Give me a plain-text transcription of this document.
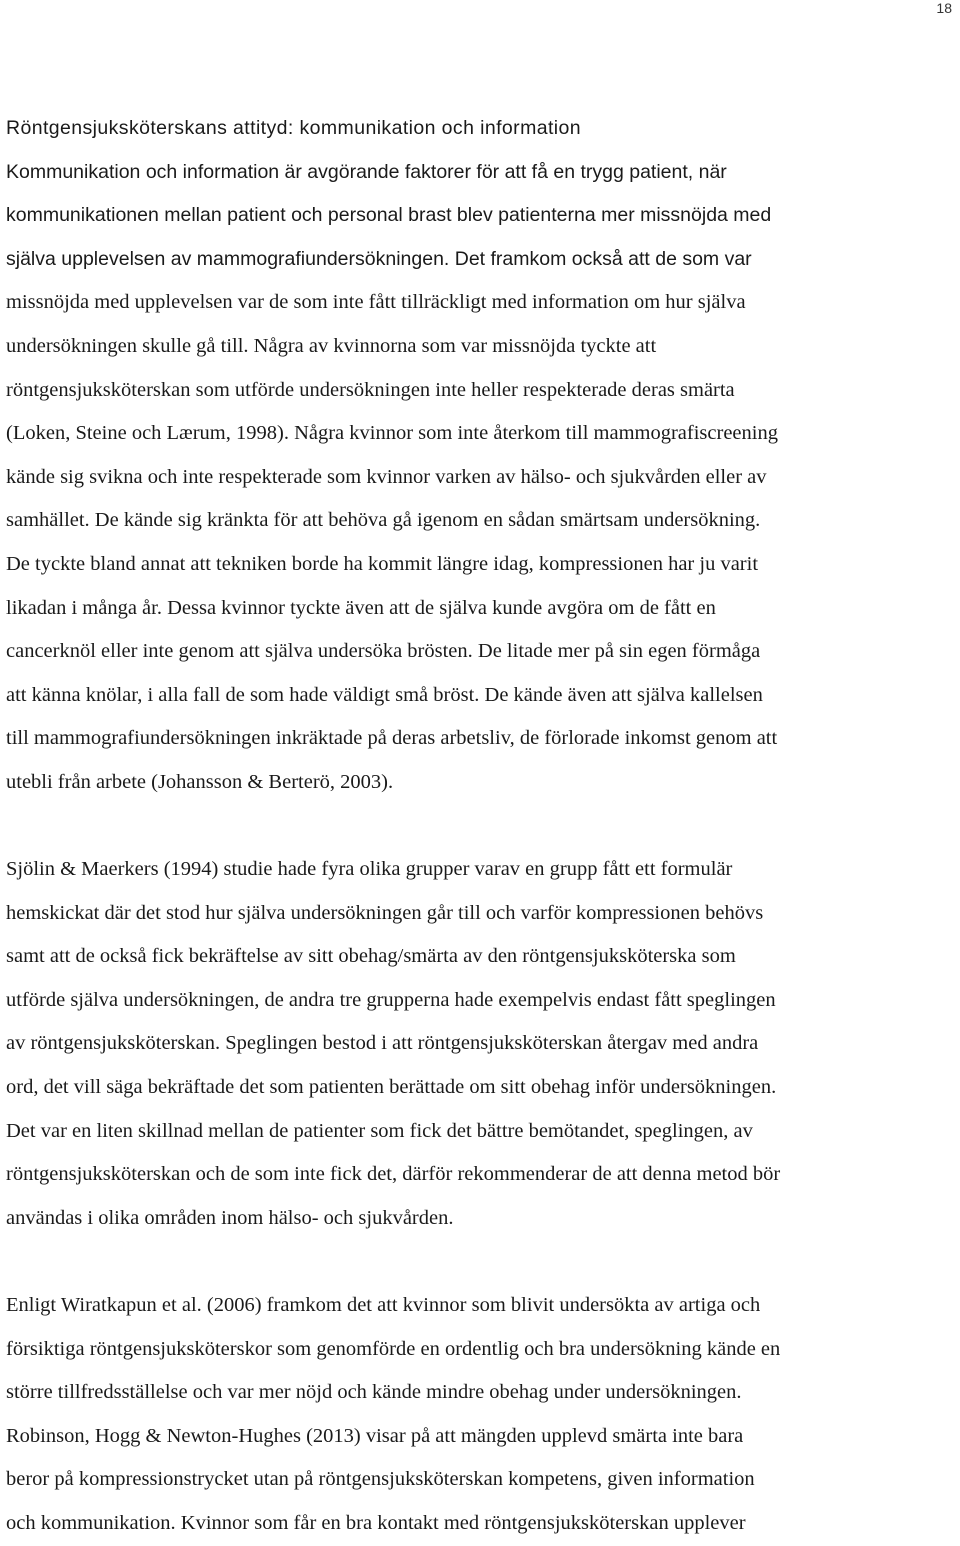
18
Röntgensjuksköterskans attityd: kommunikation och information
Kommunikation och information är avgörande faktorer för att få en trygg patient, när
kommunikationen mellan patient och personal brast blev patienterna mer missnöjda med
själva upplevelsen av mammografiundersökningen. Det framkom också att de som var
missnöjda med upplevelsen var de som inte fått tillräckligt med information om hur själva
undersökningen skulle gå till. Några av kvinnorna som var missnöjda tyckte att
röntgensjuksköterskan som utförde undersökningen inte heller respekterade deras smärta
(Loken, Steine och Lærum, 1998). Några kvinnor som inte återkom till mammografiscreening
kände sig svikna och inte respekterade som kvinnor varken av hälso- och sjukvården eller av
samhället. De kände sig kränkta för att behöva gå igenom en sådan smärtsam undersökning.
De tyckte bland annat att tekniken borde ha kommit längre idag, kompressionen har ju varit
likadan i många år. Dessa kvinnor tyckte även att de själva kunde avgöra om de fått en
cancerknöl eller inte genom att själva undersöka brösten. De litade mer på sin egen förmåga
att känna knölar, i alla fall de som hade väldigt små bröst. De kände även att själva kallelsen
till mammografiundersökningen inkräktade på deras arbetsliv, de förlorade inkomst genom att
utebli från arbete (Johansson & Berterö, 2003).
Sjölin & Maerkers (1994) studie hade fyra olika grupper varav en grupp fått ett formulär
hemskickat där det stod hur själva undersökningen går till och varför kompressionen behövs
samt att de också fick bekräftelse av sitt obehag/smärta av den röntgensjuksköterska som
utförde själva undersökningen, de andra tre grupperna hade exempelvis endast fått speglingen
av röntgensjuksköterskan. Speglingen bestod i att röntgensjuksköterskan återgav med andra
ord, det vill säga bekräftade det som patienten berättade om sitt obehag inför undersökningen.
Det var en liten skillnad mellan de patienter som fick det bättre bemötandet, speglingen, av
röntgensjuksköterskan och de som inte fick det, därför rekommenderar de att denna metod bör
användas i olika områden inom hälso- och sjukvården.
Enligt Wiratkapun et al. (2006) framkom det att kvinnor som blivit undersökta av artiga och
försiktiga röntgensjuksköterskor som genomförde en ordentlig och bra undersökning kände en
större tillfredsställelse och var mer nöjd och kände mindre obehag under undersökningen.
Robinson, Hogg & Newton-Hughes (2013) visar på att mängden upplevd smärta inte bara
beror på kompressionstrycket utan på röntgensjuksköterskan kompetens, given information
och kommunikation. Kvinnor som får en bra kontakt med röntgensjuksköterskan upplever
